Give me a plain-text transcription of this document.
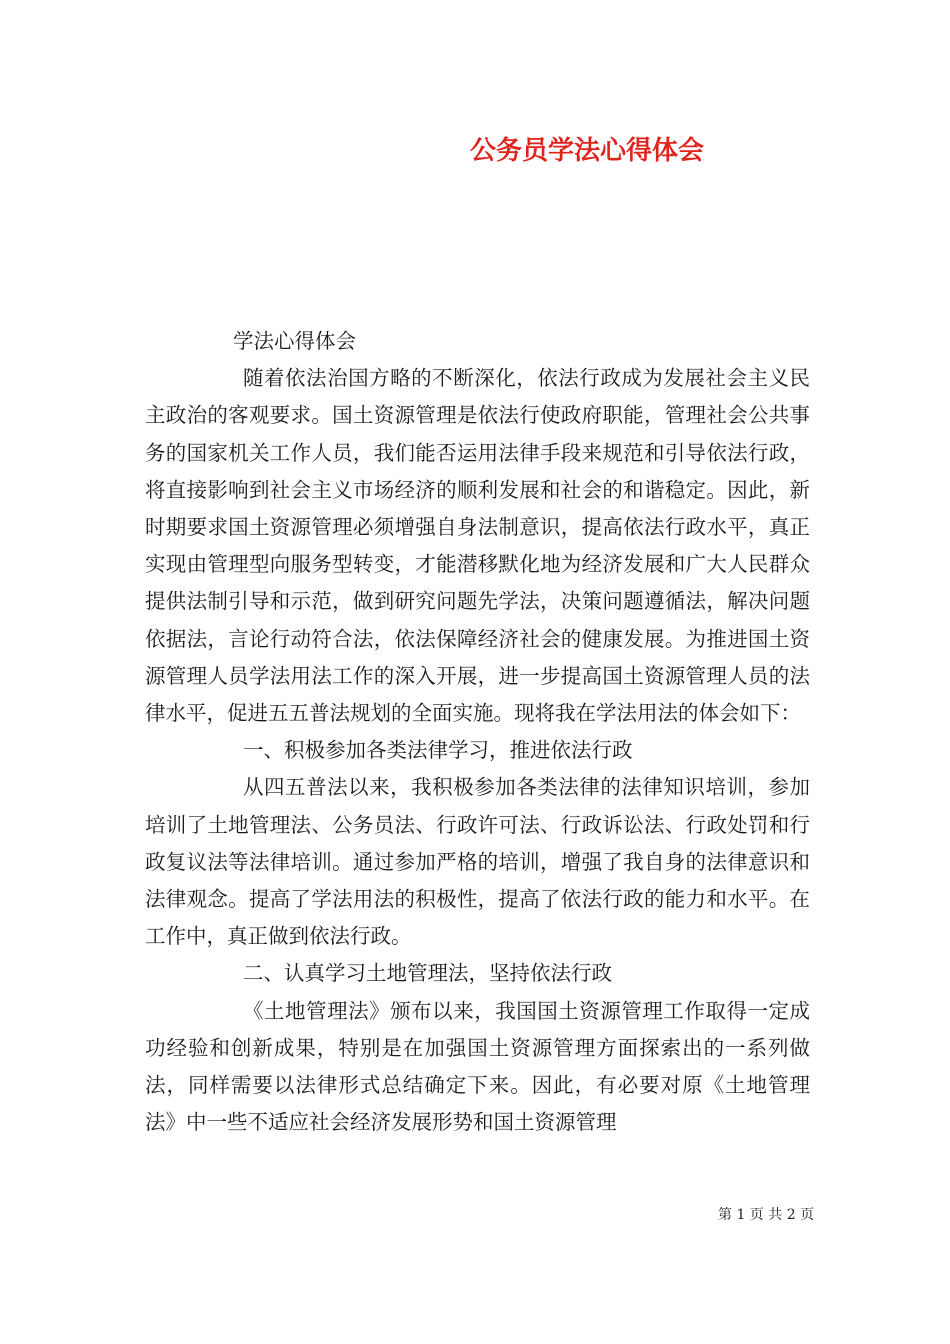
公务员学法心得体会

学法心得体会

随着依法治国方略的不断深化，依法行政成为发展社会主义民主政治的客观要求。国土资源管理是依法行使政府职能，管理社会公共事务的国家机关工作人员，我们能否运用法律手段来规范和引导依法行政，将直接影响到社会主义市场经济的顺利发展和社会的和谐稳定。因此，新时期要求国土资源管理必须增强自身法制意识，提高依法行政水平，真正实现由管理型向服务型转变，才能潜移默化地为经济发展和广大人民群众提供法制引导和示范，做到研究问题先学法，决策问题遵循法，解决问题依据法，言论行动符合法，依法保障经济社会的健康发展。为推进国土资源管理人员学法用法工作的深入开展，进一步提高国土资源管理人员的法律水平，促进五五普法规划的全面实施。现将我在学法用法的体会如下：

一、积极参加各类法律学习，推进依法行政

从四五普法以来，我积极参加各类法律的法律知识培训，参加培训了土地管理法、公务员法、行政许可法、行政诉讼法、行政处罚和行政复议法等法律培训。通过参加严格的培训，增强了我自身的法律意识和法律观念。提高了学法用法的积极性，提高了依法行政的能力和水平。在工作中，真正做到依法行政。

二、认真学习土地管理法，坚持依法行政

《土地管理法》颁布以来，我国国土资源管理工作取得一定成功经验和创新成果，特别是在加强国土资源管理方面探索出的一系列做法，同样需要以法律形式总结确定下来。因此，有必要对原《土地管理法》中一些不适应社会经济发展形势和国土资源管理

第 1 页 共 2 页
